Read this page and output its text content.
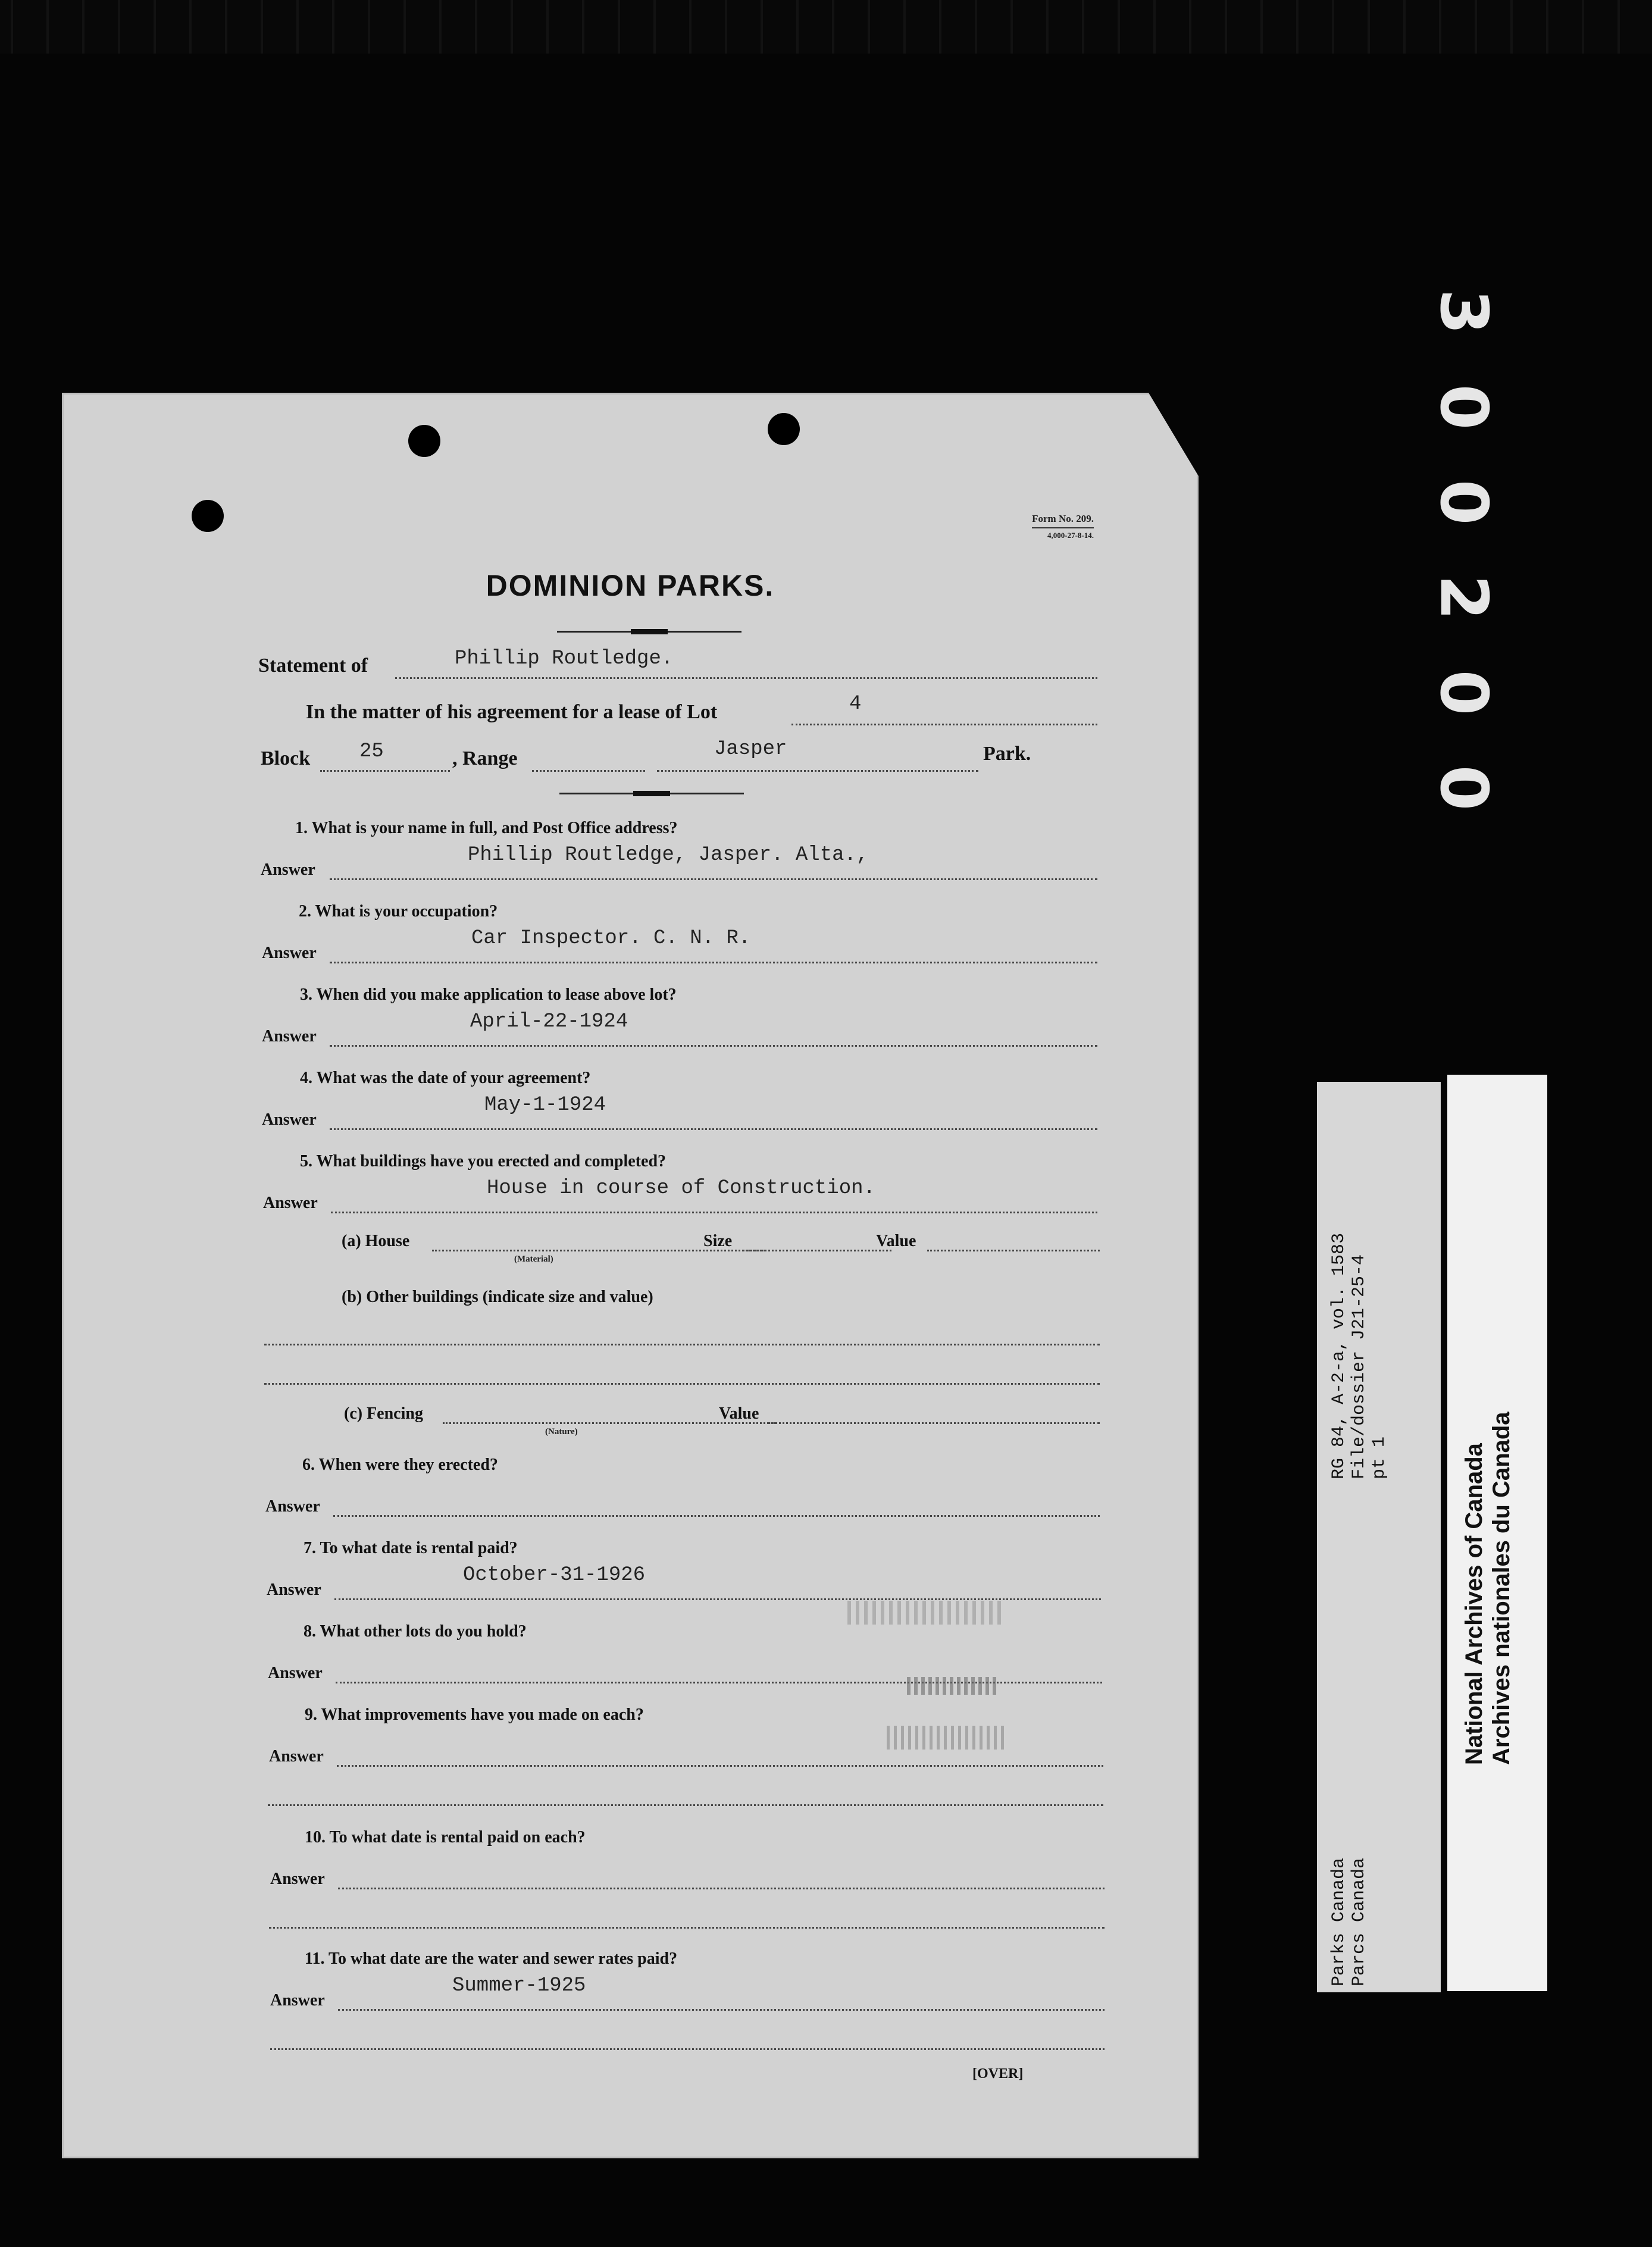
Form No. 209.
4,000-27-8-14.
DOMINION PARKS.
Statement of	Phillip Routledge.
In the matter of his agreement for a lease of Lot	4
Block 25	, Range	Jasper	Park.
1. What is your name in full, and Post Office address?
Answer
Phillip Routledge, Jasper. Alta.,
2. What is your occupation?
Answer
Car Inspector. C. N. R.
3. When did you make application to lease above lot?
Answer
April-22-1924
4. What was the date of your agreement?
Answer
May-1-1924
5. What buildings have you erected and completed?
Answer
House in course of Construction.
(a) House
(Material)
Size	Value
(b) Other buildings (indicate size and value)
(c) Fencing
(Nature)
Value
6. When were they erected?
Answer
7. To what date is rental paid?
Answer
October-31-1926
8. What other lots do you hold?
Answer
9. What improvements have you made on each?
Answer
10. To what date is rental paid on each?
Answer
11. To what date are the water and sewer rates paid?
Answer
Summer-1925
[OVER]
3
0
0
2
0
0
RG 84, A-2-a, vol. 1583 File/dossier J21-25-4 pt 1
Parks Canada Parcs Canada
National Archives of Canada Archives nationales du Canada
